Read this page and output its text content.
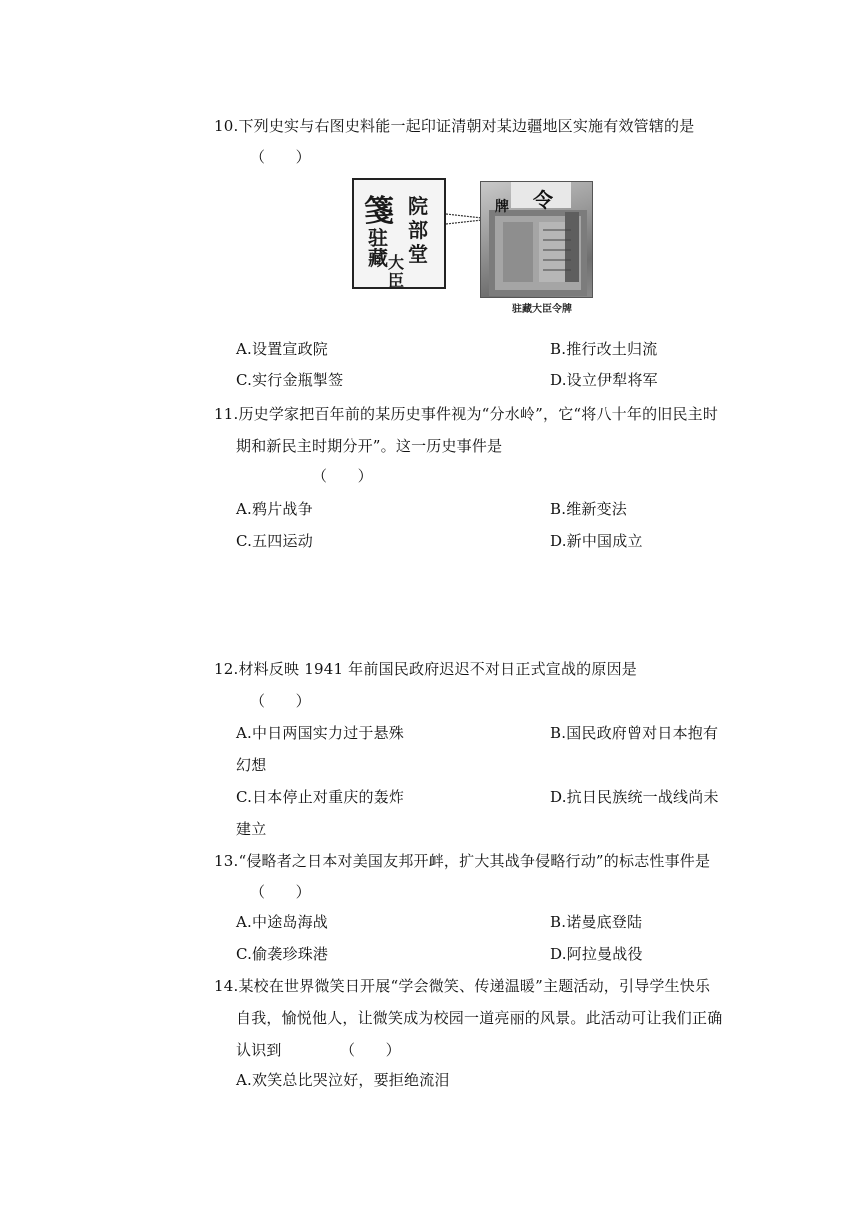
10.下列史实与右图史料能一起印证清朝对某边疆地区实施有效管辖的是
（　　）
箋 院
部
堂
驻
藏 大
臣
令
牌
驻藏大臣令牌
A.设置宣政院	B.推行改土归流
C.实行金瓶掣签	D.设立伊犁将军
11.历史学家把百年前的某历史事件视为“分水岭”，它“将八十年的旧民主时
期和新民主时期分开”。这一历史事件是
（　　）
A.鸦片战争	B.维新变法
C.五四运动	D.新中国成立
12.材料反映 1941 年前国民政府迟迟不对日正式宣战的原因是
（　　）
A.中日两国实力过于悬殊	B.国民政府曾对日本抱有
幻想
C.日本停止对重庆的轰炸	D.抗日民族统一战线尚未
建立
13.“侵略者之日本对美国友邦开衅，扩大其战争侵略行动”的标志性事件是
（　　）
A.中途岛海战	B.诺曼底登陆
C.偷袭珍珠港	D.阿拉曼战役
14.某校在世界微笑日开展“学会微笑、传递温暖”主题活动，引导学生快乐
自我，愉悦他人，让微笑成为校园一道亮丽的风景。此活动可让我们正确
认识到	（　　）
A.欢笑总比哭泣好，要拒绝流泪
